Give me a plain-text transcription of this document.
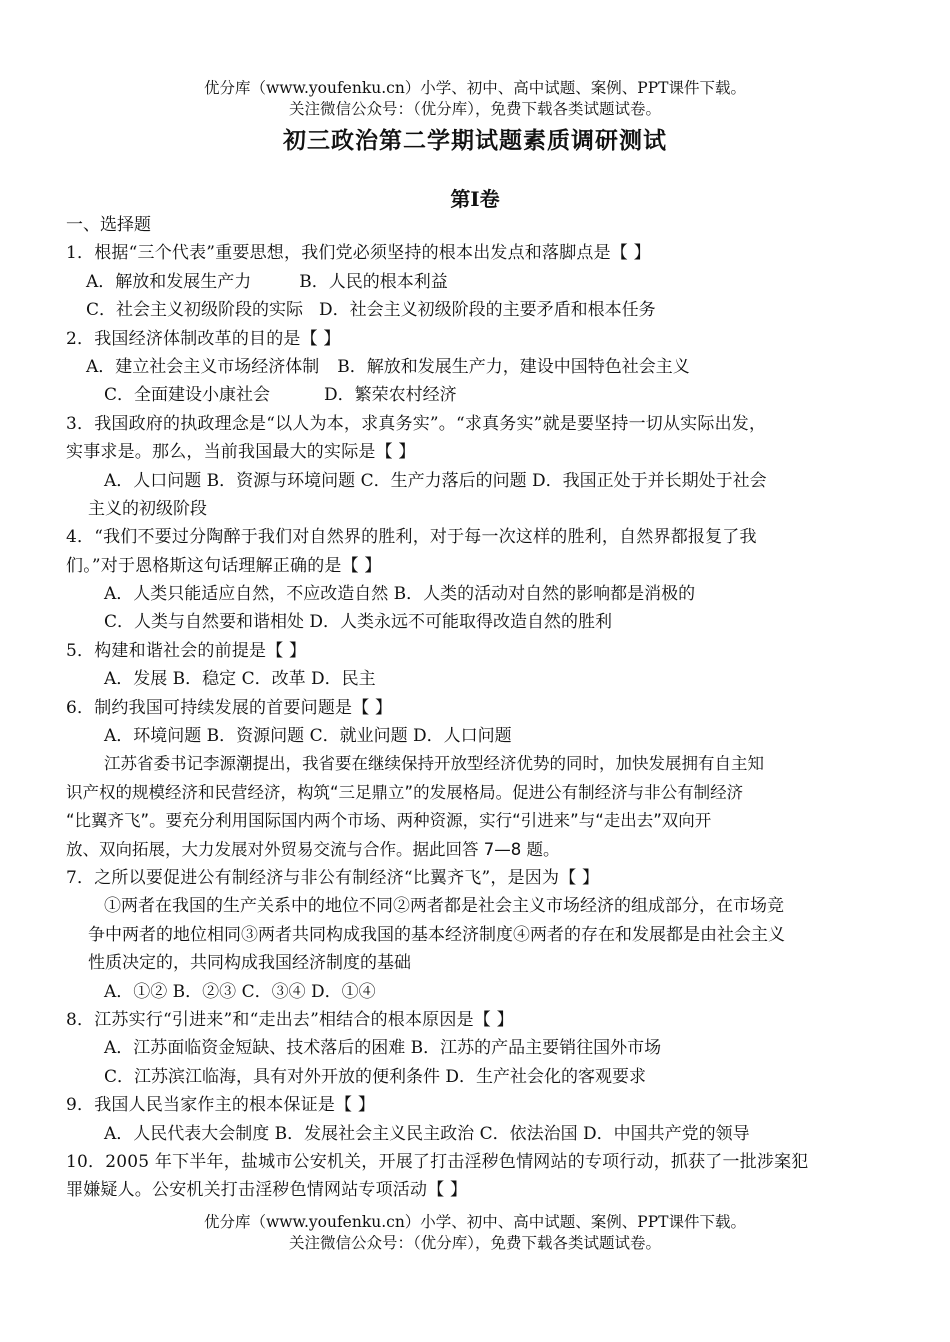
优分库（www.youfenku.cn）小学、初中、高中试题、案例、PPT课件下载。
关注微信公众号：（优分库），免费下载各类试题试卷。
初三政治第二学期试题素质调研测试
第Ⅰ卷
一、选择题
1．根据“三个代表”重要思想，我们党必须坚持的根本出发点和落脚点是【 】
A．解放和发展生产力	B．人民的根本利益
C．社会主义初级阶段的实际 D．社会主义初级阶段的主要矛盾和根本任务
2．我国经济体制改革的目的是【 】
A．建立社会主义市场经济体制 B．解放和发展生产力，建设中国特色社会主义
C．全面建设小康社会	D．繁荣农村经济
3．我国政府的执政理念是“以人为本，求真务实”。“求真务实”就是要坚持一切从实际出发，
实事求是。那么，当前我国最大的实际是【 】
A．人口问题 B．资源与环境问题 C．生产力落后的问题 D．我国正处于并长期处于社会
主义的初级阶段
4．“我们不要过分陶醉于我们对自然界的胜利，对于每一次这样的胜利，自然界都报复了我
们。”对于恩格斯这句话理解正确的是【 】
A．人类只能适应自然，不应改造自然 B．人类的活动对自然的影响都是消极的
C．人类与自然要和谐相处 D．人类永远不可能取得改造自然的胜利
5．构建和谐社会的前提是【 】
A．发展 B．稳定 C．改革 D．民主
6．制约我国可持续发展的首要问题是【 】
A．环境问题 B．资源问题 C．就业问题 D．人口问题
江苏省委书记李源潮提出，我省要在继续保持开放型经济优势的同时，加快发展拥有自主知
识产权的规模经济和民营经济，构筑“三足鼎立”的发展格局。促进公有制经济与非公有制经济
“比翼齐飞”。要充分利用国际国内两个市场、两种资源，实行“引进来”与“走出去”双向开
放、双向拓展，大力发展对外贸易交流与合作。据此回答 7—8 题。
7．之所以要促进公有制经济与非公有制经济“比翼齐飞”，是因为【 】
①两者在我国的生产关系中的地位不同②两者都是社会主义市场经济的组成部分，在市场竞
争中两者的地位相同③两者共同构成我国的基本经济制度④两者的存在和发展都是由社会主义
性质决定的，共同构成我国经济制度的基础
A．①② B．②③ C．③④ D．①④
8．江苏实行“引进来”和“走出去”相结合的根本原因是【 】
A．江苏面临资金短缺、技术落后的困难 B．江苏的产品主要销往国外市场
C．江苏滨江临海，具有对外开放的便利条件 D．生产社会化的客观要求
9．我国人民当家作主的根本保证是【 】
A．人民代表大会制度 B．发展社会主义民主政治 C．依法治国 D．中国共产党的领导
10．2005 年下半年，盐城市公安机关，开展了打击淫秽色情网站的专项行动，抓获了一批涉案犯
罪嫌疑人。公安机关打击淫秽色情网站专项活动【 】
优分库（www.youfenku.cn）小学、初中、高中试题、案例、PPT课件下载。
关注微信公众号：（优分库），免费下载各类试题试卷。
